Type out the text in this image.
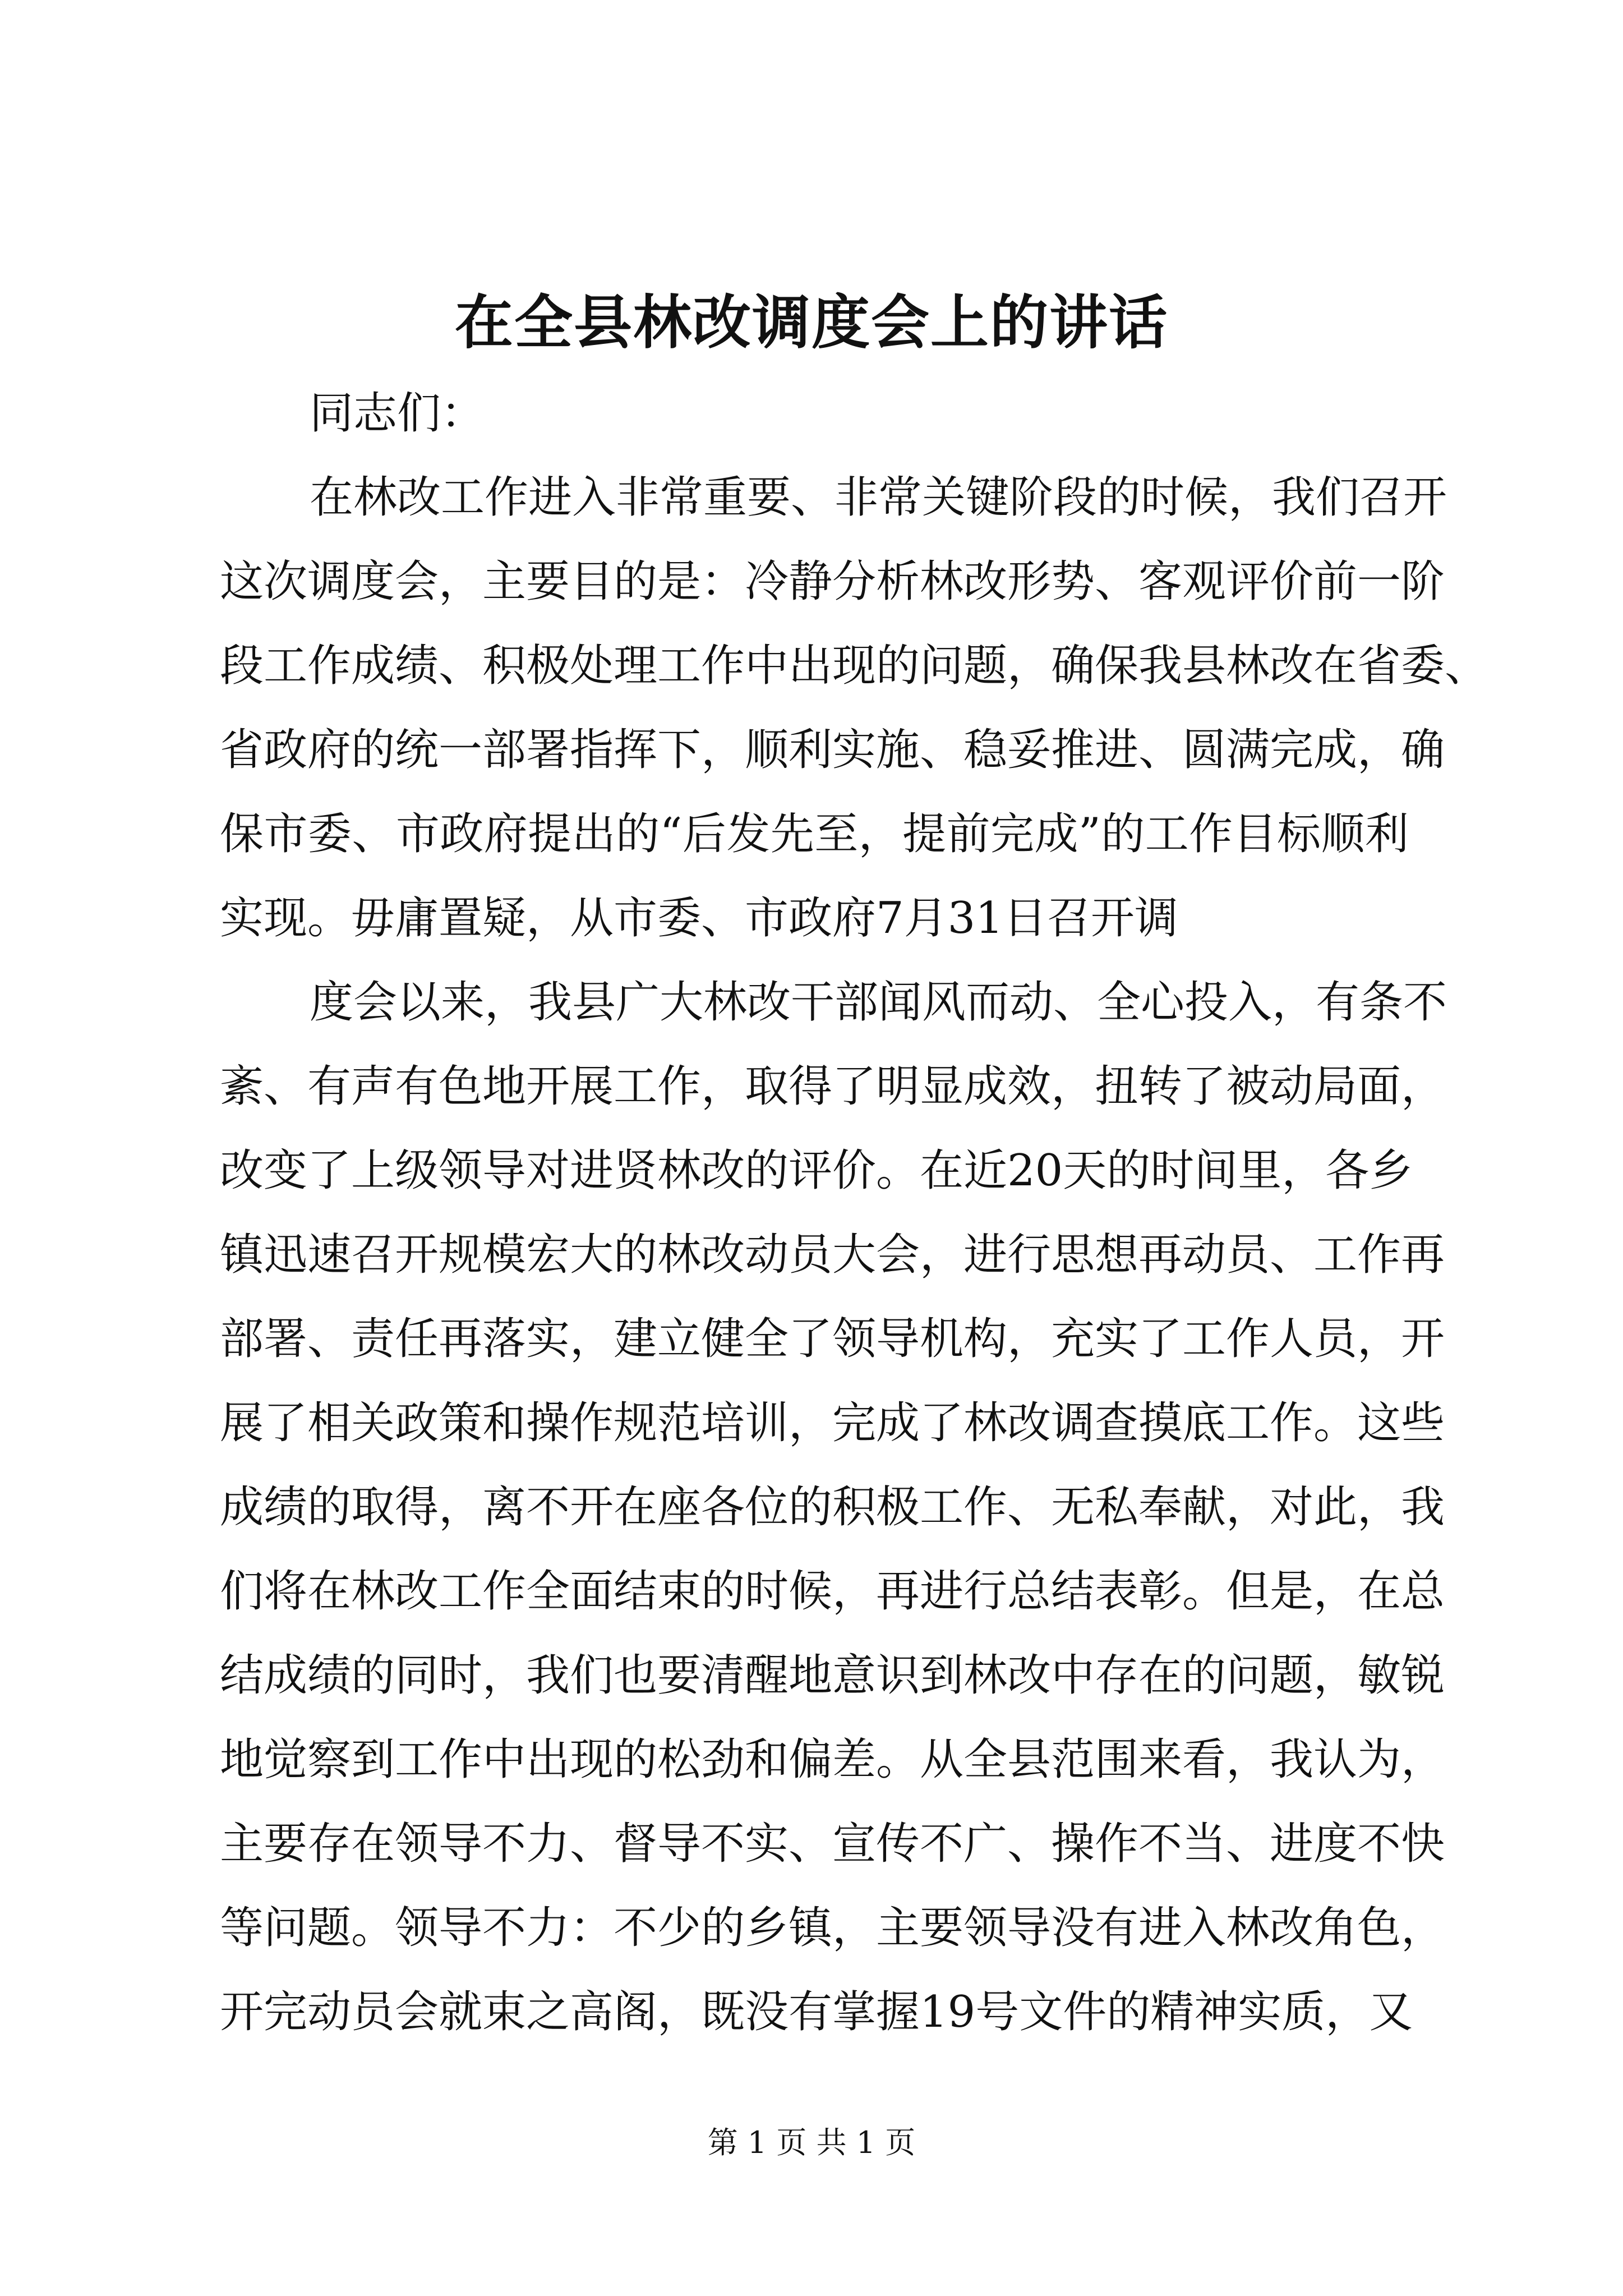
在全县林改调度会上的讲话
同志们：
在林改工作进入非常重要、非常关键阶段的时候，我们召开
这次调度会，主要目的是：冷静分析林改形势、客观评价前一阶
段工作成绩、积极处理工作中出现的问题，确保我县林改在省委、
省政府的统一部署指挥下，顺利实施、稳妥推进、圆满完成，确
保市委、市政府提出的“后发先至，提前完成”的工作目标顺利
实现。毋庸置疑，从市委、市政府7月31日召开调
度会以来，我县广大林改干部闻风而动、全心投入，有条不
紊、有声有色地开展工作，取得了明显成效，扭转了被动局面，
改变了上级领导对进贤林改的评价。在近20天的时间里，各乡
镇迅速召开规模宏大的林改动员大会，进行思想再动员、工作再
部署、责任再落实，建立健全了领导机构，充实了工作人员，开
展了相关政策和操作规范培训，完成了林改调查摸底工作。这些
成绩的取得，离不开在座各位的积极工作、无私奉献，对此，我
们将在林改工作全面结束的时候，再进行总结表彰。但是，在总
结成绩的同时，我们也要清醒地意识到林改中存在的问题，敏锐
地觉察到工作中出现的松劲和偏差。从全县范围来看，我认为，
主要存在领导不力、督导不实、宣传不广、操作不当、进度不快
等问题。领导不力：不少的乡镇，主要领导没有进入林改角色，
开完动员会就束之高阁，既没有掌握19号文件的精神实质，又
第 1 页 共 1 页
